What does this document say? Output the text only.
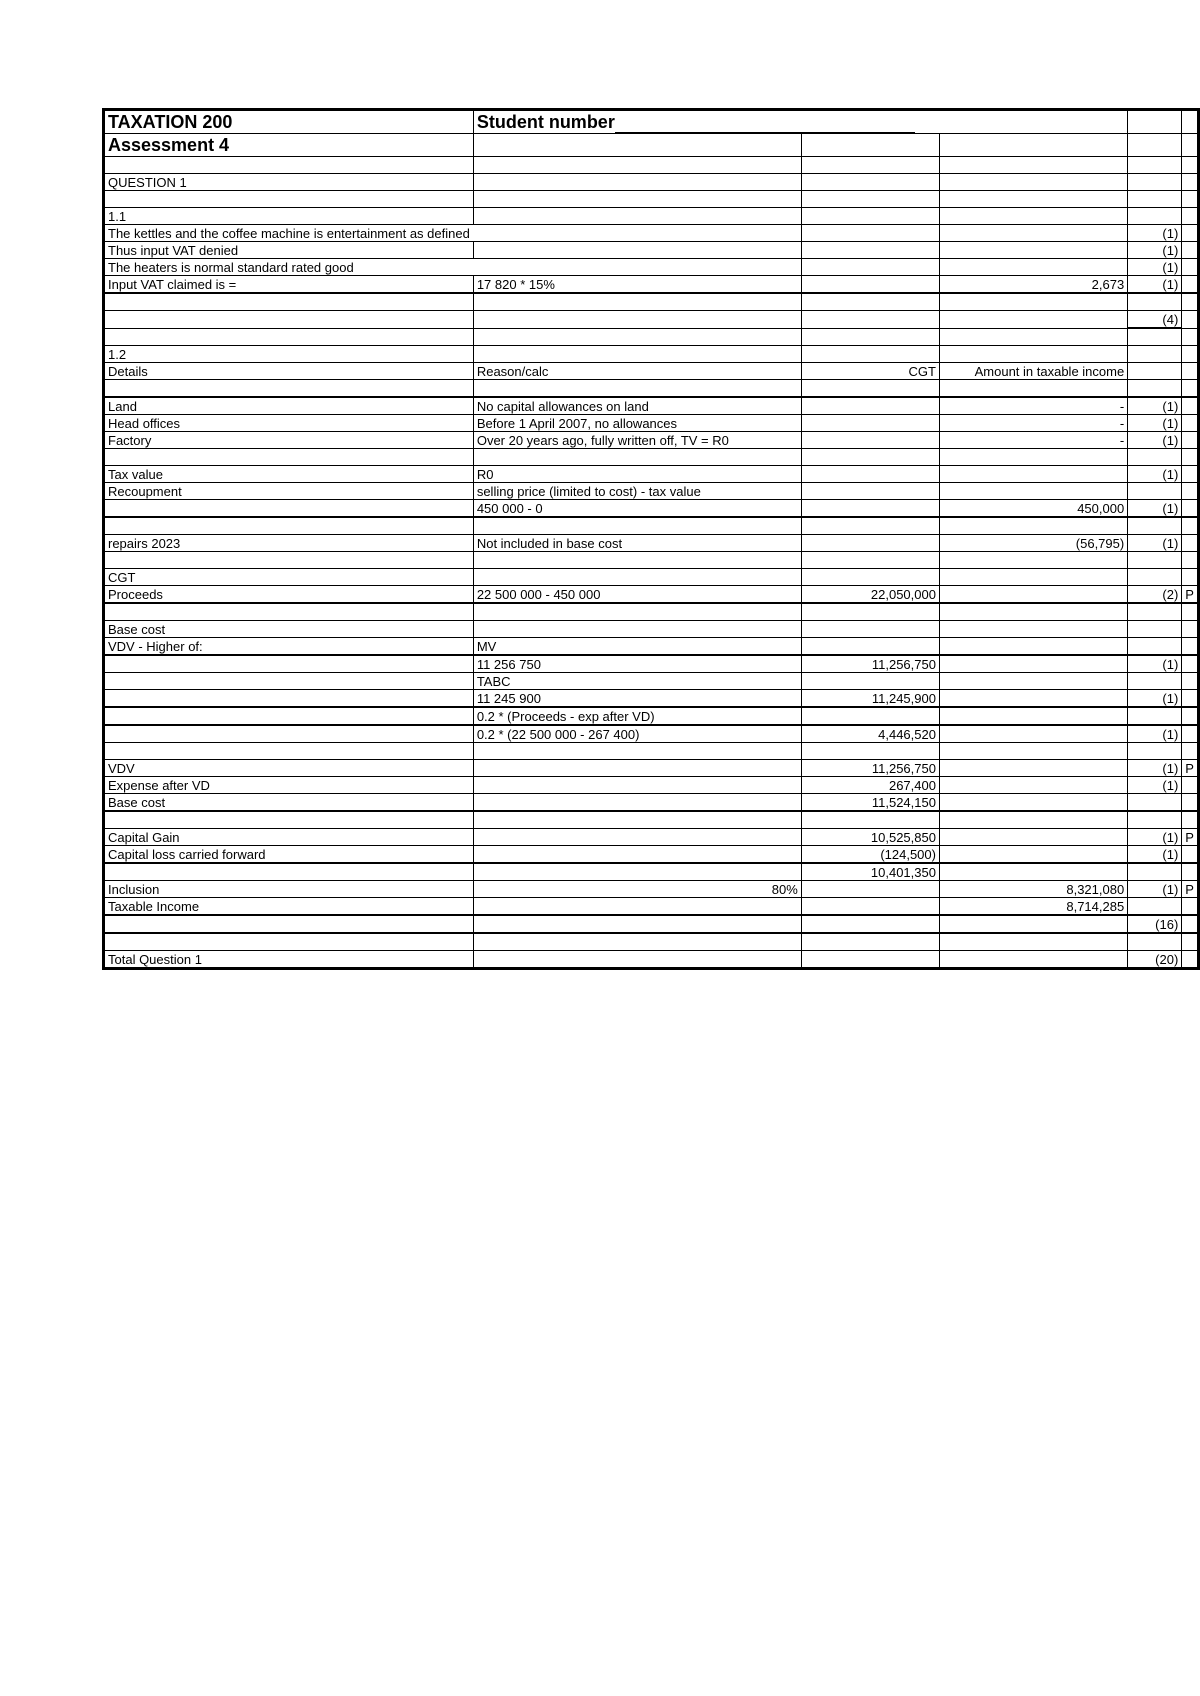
TAXATION 200	Student number				
Assessment 4					

QUESTION 1					

1.1					
The kettles and the coffee machine is entertainment as defined				(1)	
Thus input VAT denied				(1)	
The heaters is normal standard rated good				(1)	
Input VAT claimed is =	17 820 * 15%		2,673	(1)	

				(4)	

1.2					
Details	Reason/calc	CGT	Amount in taxable income		

Land	No capital allowances on land		-	(1)	
Head offices	Before 1 April 2007, no allowances		-	(1)	
Factory	Over 20 years ago, fully written off, TV = R0		-	(1)	

Tax value	R0			(1)	
Recoupment	selling price (limited to cost) - tax value				
	450 000 - 0		450,000	(1)	

repairs 2023	Not included in base cost		(56,795)	(1)	

CGT					
Proceeds	22 500 000 - 450 000	22,050,000		(2)	P

Base cost					
VDV - Higher of:	MV				
	11 256 750	11,256,750		(1)	
	TABC				
	11 245 900	11,245,900		(1)	
	0.2 * (Proceeds - exp after VD)				
	0.2 * (22 500 000 - 267 400)	4,446,520		(1)	

VDV		11,256,750		(1)	P
Expense after VD		267,400		(1)	
Base cost		11,524,150			

Capital Gain		10,525,850		(1)	P
Capital loss carried forward		(124,500)		(1)	
		10,401,350			
Inclusion	80%		8,321,080	(1)	P
Taxable Income			8,714,285		
				(16)	

Total Question 1				(20)	
